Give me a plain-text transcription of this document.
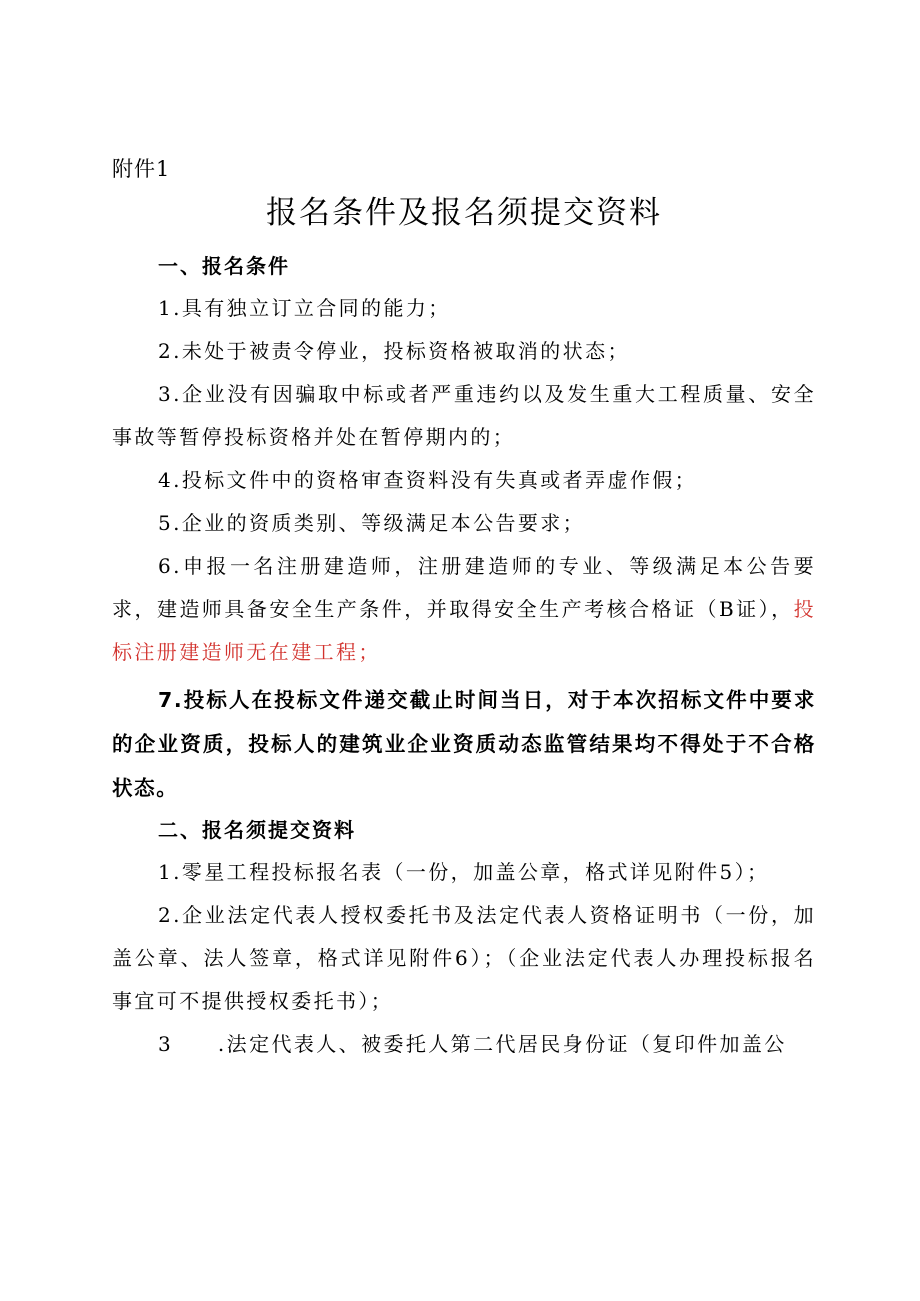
附件1
报名条件及报名须提交资料
一、报名条件

1.具有独立订立合同的能力；

2.未处于被责令停业，投标资格被取消的状态；

3.企业没有因骗取中标或者严重违约以及发生重大工程质量、安全事故等暂停投标资格并处在暂停期内的；

4.投标文件中的资格审查资料没有失真或者弄虚作假；

5.企业的资质类别、等级满足本公告要求；

6.申报一名注册建造师，注册建造师的专业、等级满足本公告要求，建造师具备安全生产条件，并取得安全生产考核合格证（B证），投标注册建造师无在建工程；

7.投标人在投标文件递交截止时间当日，对于本次招标文件中要求的企业资质，投标人的建筑业企业资质动态监管结果均不得处于不合格状态。

二、报名须提交资料

1.零星工程投标报名表（一份，加盖公章，格式详见附件5）；

2.企业法定代表人授权委托书及法定代表人资格证明书（一份，加盖公章、法人签章，格式详见附件6）；（企业法定代表人办理投标报名事宜可不提供授权委托书）；

3　　.法定代表人、被委托人第二代居民身份证（复印件加盖公
